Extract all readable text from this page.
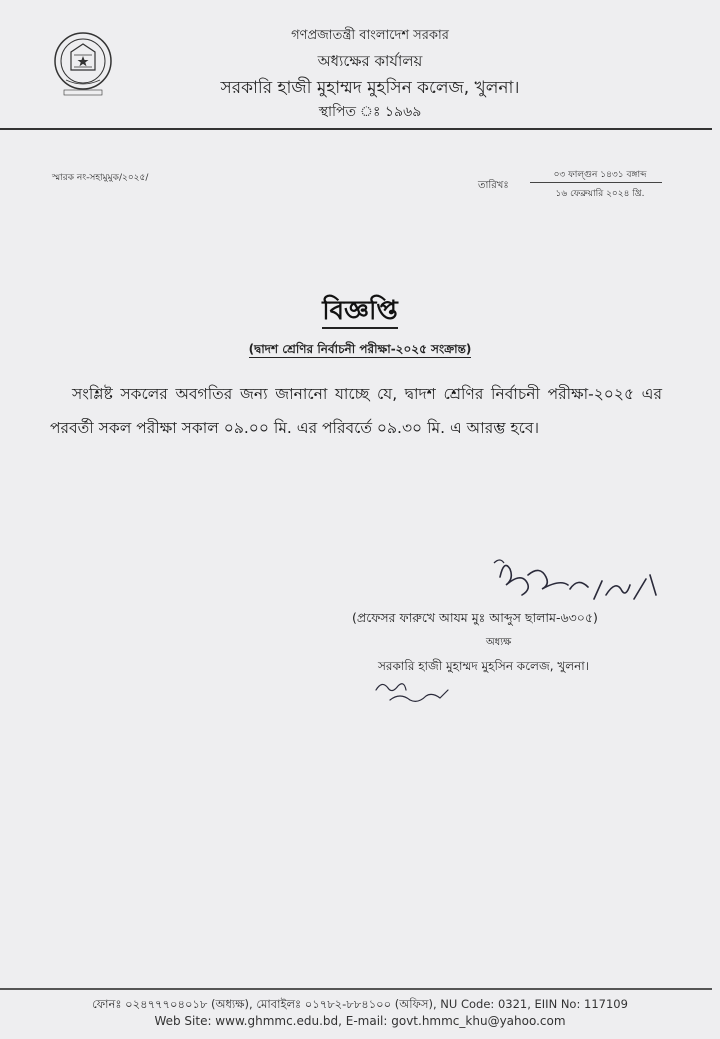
গণপ্রজাতন্ত্রী বাংলাদেশ সরকার
অধ্যক্ষের কার্যালয়
সরকারি হাজী মুহাম্মদ মুহসিন কলেজ, খুলনা।
স্থাপিত ঃ ১৯৬৯
স্মারক নং-সহামুমুক/২০২৫/
তারিখঃ
০৩ ফাল্গুন ১৪৩১ বঙ্গাব্দ
১৬ ফেব্রুয়ারি ২০২৪ খ্রি.
বিজ্ঞপ্তি
(দ্বাদশ শ্রেণির নির্বাচনী পরীক্ষা-২০২৫ সংক্রান্ত)
সংশ্লিষ্ট সকলের অবগতির জন্য জানানো যাচ্ছে যে, দ্বাদশ শ্রেণির নির্বাচনী পরীক্ষা-২০২৫ এর পরবর্তী সকল পরীক্ষা সকাল ০৯.০০ মি. এর পরিবর্তে ০৯.৩০ মি. এ আরম্ভ হবে।
(প্রফেসর ফারুখে আযম মুঃ আব্দুস ছালাম-৬৩০৫)
অধ্যক্ষ
সরকারি হাজী মুহাম্মদ মুহসিন কলেজ, খুলনা।
ফোনঃ ০২৪৭৭৭০৪০১৮ (অধ্যক্ষ), মোবাইলঃ ০১৭৮২-৮৮৪১০০ (অফিস), NU Code: 0321, EIIN No: 117109
Web Site: www.ghmmc.edu.bd, E-mail: govt.hmmc_khu@yahoo.com
